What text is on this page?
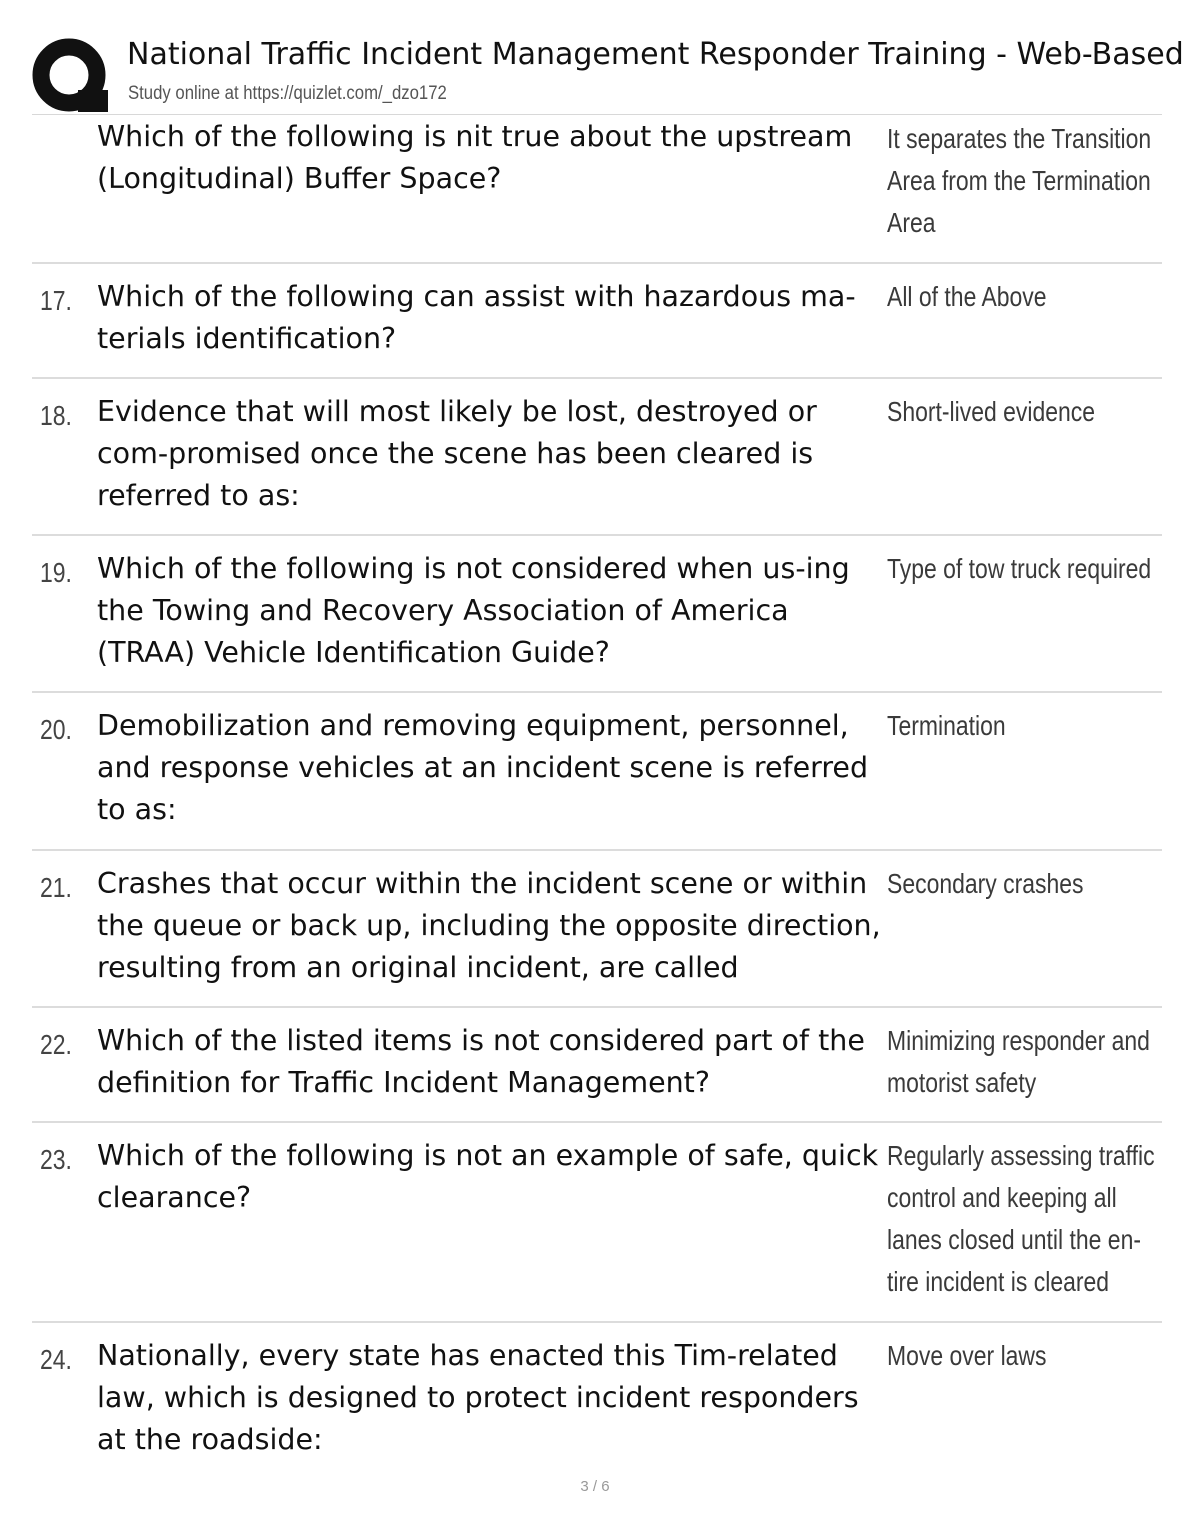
National Traffic Incident Management Responder Training - Web-Based
Study online at https://quizlet.com/_dzo172
Which of the following is nit true about the upstream (Longitudinal) Buffer Space?
It separates the Transition
Area from the Termination
Area
17. Which of the following can assist with hazardous ma-terials identification?
All of the Above
18. Evidence that will most likely be lost, destroyed or com-promised once the scene has been cleared is referred to as:
Short-lived evidence
19. Which of the following is not considered when us-ing the Towing and Recovery Association of America (TRAA) Vehicle Identification Guide?
Type of tow truck required
20. Demobilization and removing equipment, personnel, and response vehicles at an incident scene is referred to as:
Termination
21. Crashes that occur within the incident scene or within the queue or back up, including the opposite direction, resulting from an original incident, are called
Secondary crashes
22. Which of the listed items is not considered part of the definition for Traffic Incident Management?
Minimizing responder and
motorist safety
23. Which of the following is not an example of safe, quick clearance?
Regularly assessing traffic
control and keeping all
lanes closed until the en-
tire incident is cleared
24. Nationally, every state has enacted this Tim-related law, which is designed to protect incident responders at the roadside:
Move over laws
3 / 6
